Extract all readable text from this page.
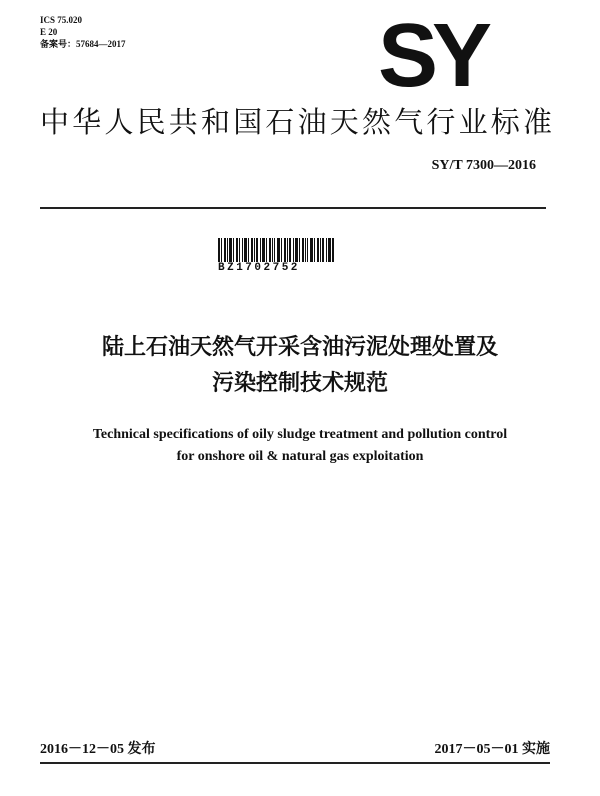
ICS 75.020
E 20
备案号：57684—2017	SY
中华人民共和国石油天然气行业标准
SY/T 7300—2016
BZ1702752
陆上石油天然气开采含油污泥处理处置及
污染控制技术规范
Technical specifications of oily sludge treatment and pollution control
for onshore oil & natural gas exploitation
2016－12－05 发布	2017－05－01 实施
